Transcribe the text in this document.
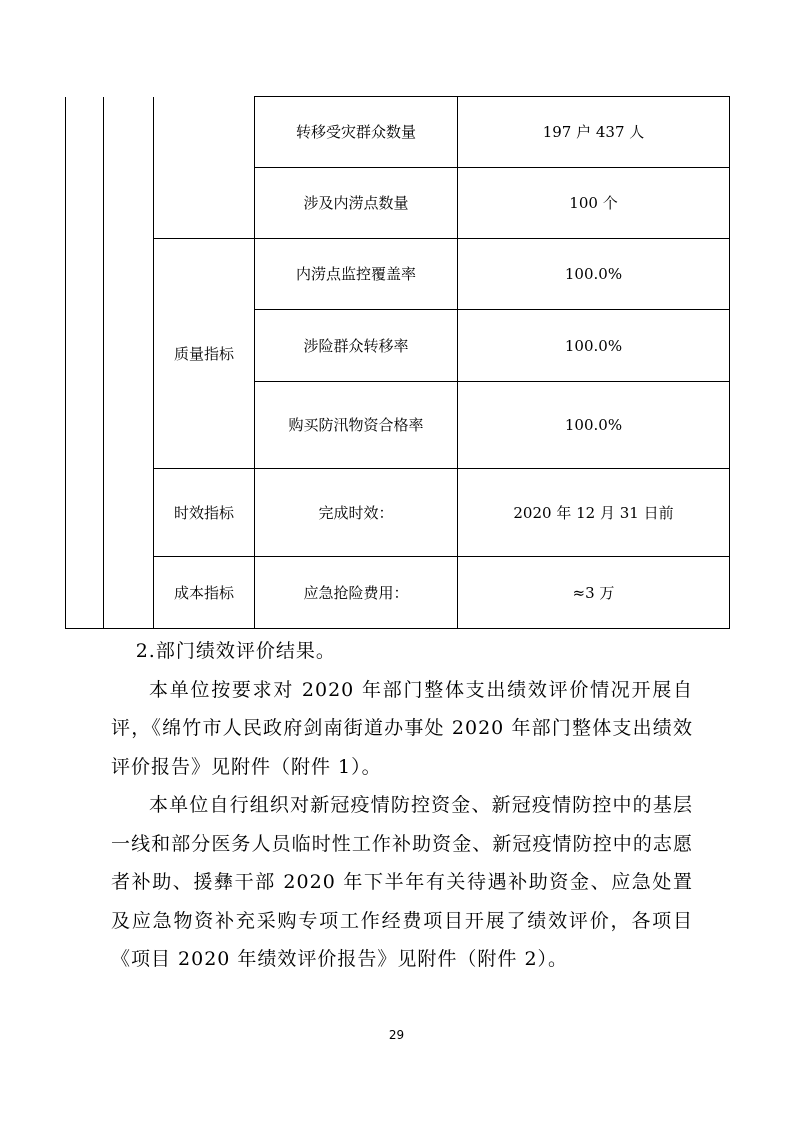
			转移受灾群众数量	197 户 437 人
			涉及内涝点数量	100 个
		质量指标	内涝点监控覆盖率	100.0%
			涉险群众转移率	100.0%
			购买防汛物资合格率	100.0%
		时效指标	完成时效：	2020 年 12 月 31 日前
		成本指标	应急抢险费用：	≈3 万

2.部门绩效评价结果。

本单位按要求对 2020 年部门整体支出绩效评价情况开展自评，《绵竹市人民政府剑南街道办事处 2020 年部门整体支出绩效评价报告》见附件（附件 1）。

本单位自行组织对新冠疫情防控资金、新冠疫情防控中的基层一线和部分医务人员临时性工作补助资金、新冠疫情防控中的志愿者补助、援彝干部 2020 年下半年有关待遇补助资金、应急处置及应急物资补充采购专项工作经费项目开展了绩效评价，各项目《项目 2020 年绩效评价报告》见附件（附件 2）。

29
